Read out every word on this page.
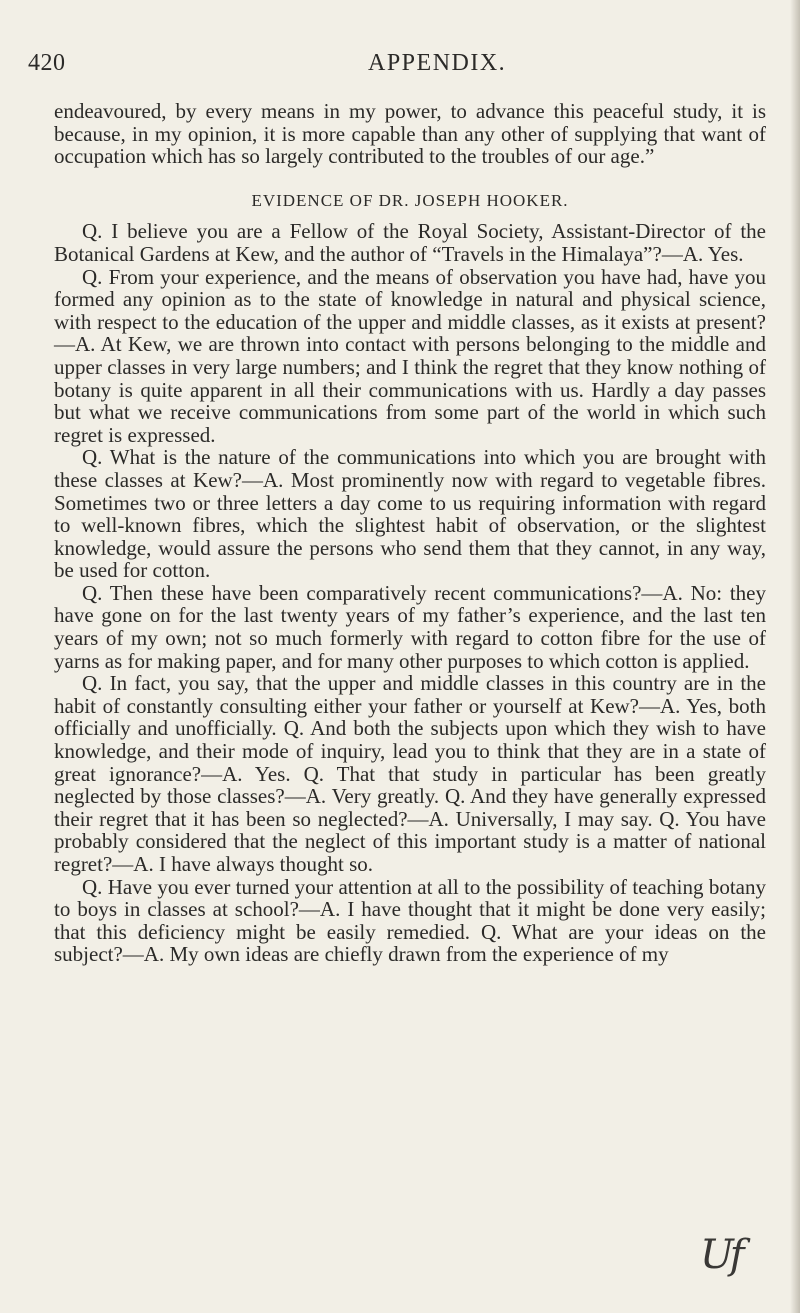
420	APPENDIX.

endeavoured, by every means in my power, to advance this peaceful study, it is because, in my opinion, it is more capable than any other of supplying that want of occupation which has so largely contributed to the troubles of our age.”

EVIDENCE OF DR. JOSEPH HOOKER.

Q. I believe you are a Fellow of the Royal Society, Assistant-Director of the Botanical Gardens at Kew, and the author of “Travels in the Himalaya”?—A. Yes.

Q. From your experience, and the means of observation you have had, have you formed any opinion as to the state of knowledge in natural and physical science, with respect to the education of the upper and middle classes, as it exists at present?—A. At Kew, we are thrown into contact with persons belonging to the middle and upper classes in very large numbers; and I think the regret that they know nothing of botany is quite apparent in all their communications with us. Hardly a day passes but what we receive communications from some part of the world in which such regret is expressed.

Q. What is the nature of the communications into which you are brought with these classes at Kew?—A. Most prominently now with regard to vegetable fibres. Sometimes two or three letters a day come to us requiring information with regard to well-known fibres, which the slightest habit of observation, or the slightest knowledge, would assure the persons who send them that they cannot, in any way, be used for cotton.

Q. Then these have been comparatively recent communications?—A. No: they have gone on for the last twenty years of my father’s experience, and the last ten years of my own; not so much formerly with regard to cotton fibre for the use of yarns as for making paper, and for many other purposes to which cotton is applied.

Q. In fact, you say, that the upper and middle classes in this country are in the habit of constantly consulting either your father or yourself at Kew?—A. Yes, both officially and unofficially. Q. And both the subjects upon which they wish to have knowledge, and their mode of inquiry, lead you to think that they are in a state of great ignorance?—A. Yes. Q. That that study in particular has been greatly neglected by those classes?—A. Very greatly. Q. And they have generally expressed their regret that it has been so neglected?—A. Universally, I may say. Q. You have probably considered that the neglect of this important study is a matter of national regret?—A. I have always thought so.

Q. Have you ever turned your attention at all to the possibility of teaching botany to boys in classes at school?—A. I have thought that it might be done very easily; that this deficiency might be easily remedied. Q. What are your ideas on the subject?—A. My own ideas are chiefly drawn from the experience of my

Uf
